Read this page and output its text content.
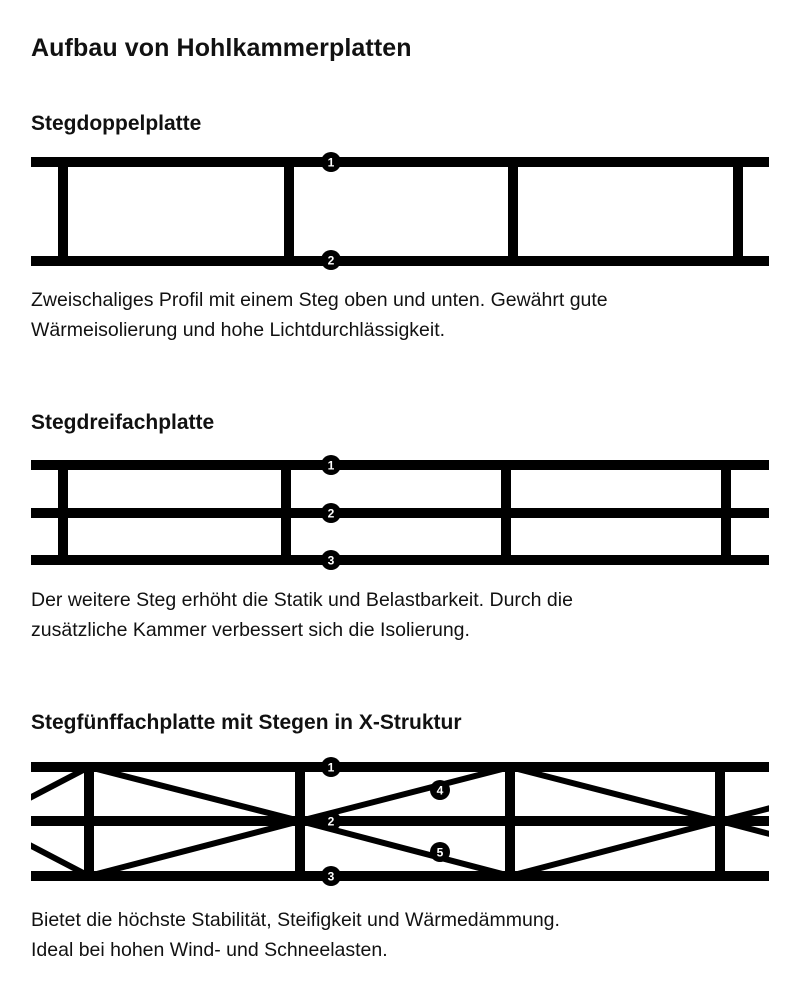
Aufbau von Hohlkammerplatten
Stegdoppelplatte
1
2

Zweischaliges Profil mit einem Steg oben und unten. Gewährt gute
Wärmeisolierung und hohe Lichtdurchlässigkeit.

Stegdreifachplatte
1
2
3

Der weitere Steg erhöht die Statik und Belastbarkeit. Durch die
zusätzliche Kammer verbessert sich die Isolierung.

Stegfünffachplatte mit Stegen in X-Struktur
1
2
3
4
5

Bietet die höchste Stabilität, Steifigkeit und Wärmedämmung.
Ideal bei hohen Wind- und Schneelasten.
